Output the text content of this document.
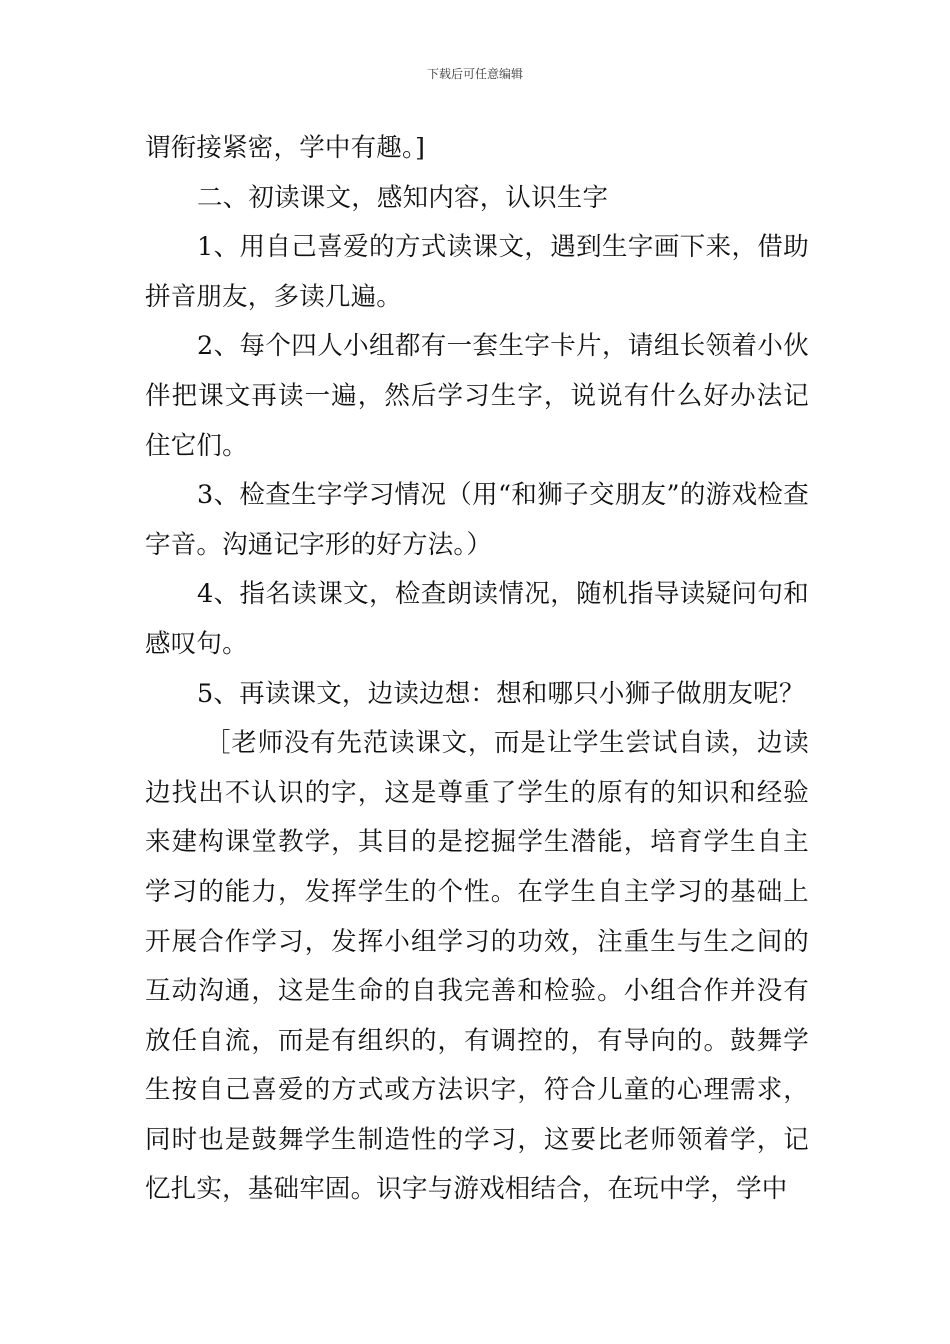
下载后可任意编辑

谓衔接紧密，学中有趣。]

二、初读课文，感知内容，认识生字

1、用自己喜爱的方式读课文，遇到生字画下来，借助拼音朋友，多读几遍。

2、每个四人小组都有一套生字卡片，请组长领着小伙伴把课文再读一遍，然后学习生字，说说有什么好办法记住它们。

3、检查生字学习情况（用“和狮子交朋友”的游戏检查字音。沟通记字形的好方法。）

4、指名读课文，检查朗读情况，随机指导读疑问句和感叹句。

5、再读课文，边读边想：想和哪只小狮子做朋友呢？

［老师没有先范读课文，而是让学生尝试自读，边读边找出不认识的字，这是尊重了学生的原有的知识和经验来建构课堂教学，其目的是挖掘学生潜能，培育学生自主学习的能力，发挥学生的个性。在学生自主学习的基础上开展合作学习，发挥小组学习的功效，注重生与生之间的互动沟通，这是生命的自我完善和检验。小组合作并没有放任自流，而是有组织的，有调控的，有导向的。鼓舞学生按自己喜爱的方式或方法识字，符合儿童的心理需求，同时也是鼓舞学生制造性的学习，这要比老师领着学，记忆扎实，基础牢固。识字与游戏相结合，在玩中学，学中
